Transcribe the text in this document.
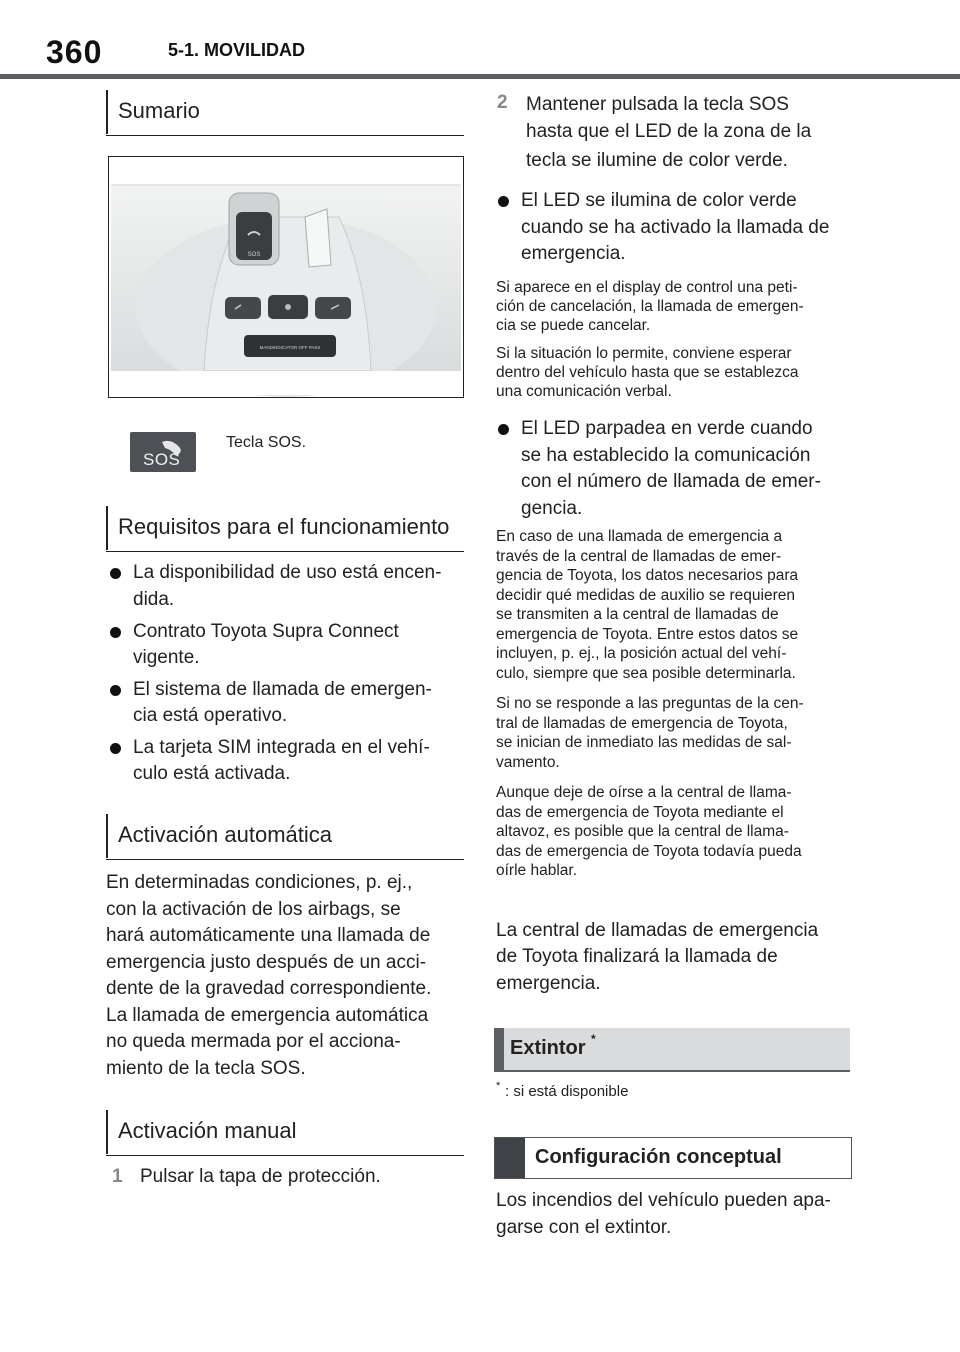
360	5-1. MOVILIDAD
Sumario
SOS
MANDINDICATOR OFF PASS
SOS
Tecla SOS.
Requisitos para el funcionamiento
La disponibilidad de uso está encen-
dida.
Contrato Toyota Supra Connect
vigente.
El sistema de llamada de emergen-
cia está operativo.
La tarjeta SIM integrada en el vehí-
culo está activada.
Activación automática
En determinadas condiciones, p. ej.,
con la activación de los airbags, se
hará automáticamente una llamada de
emergencia justo después de un acci-
dente de la gravedad correspondiente.
La llamada de emergencia automática
no queda mermada por el acciona-
miento de la tecla SOS.
Activación manual
1 Pulsar la tapa de protección.
2 Mantener pulsada la tecla SOS
hasta que el LED de la zona de la
tecla se ilumine de color verde.
El LED se ilumina de color verde
cuando se ha activado la llamada de
emergencia.
Si aparece en el display de control una peti-
ción de cancelación, la llamada de emergen-
cia se puede cancelar.
Si la situación lo permite, conviene esperar
dentro del vehículo hasta que se establezca
una comunicación verbal.
El LED parpadea en verde cuando
se ha establecido la comunicación
con el número de llamada de emer-
gencia.
En caso de una llamada de emergencia a
través de la central de llamadas de emer-
gencia de Toyota, los datos necesarios para
decidir qué medidas de auxilio se requieren
se transmiten a la central de llamadas de
emergencia de Toyota. Entre estos datos se
incluyen, p. ej., la posición actual del vehí-
culo, siempre que sea posible determinarla.
Si no se responde a las preguntas de la cen-
tral de llamadas de emergencia de Toyota,
se inician de inmediato las medidas de sal-
vamento.
Aunque deje de oírse a la central de llama-
das de emergencia de Toyota mediante el
altavoz, es posible que la central de llama-
das de emergencia de Toyota todavía pueda
oírle hablar.
La central de llamadas de emergencia
de Toyota finalizará la llamada de
emergencia.
Extintor *
* : si está disponible
Configuración conceptual
Los incendios del vehículo pueden apa-
garse con el extintor.
